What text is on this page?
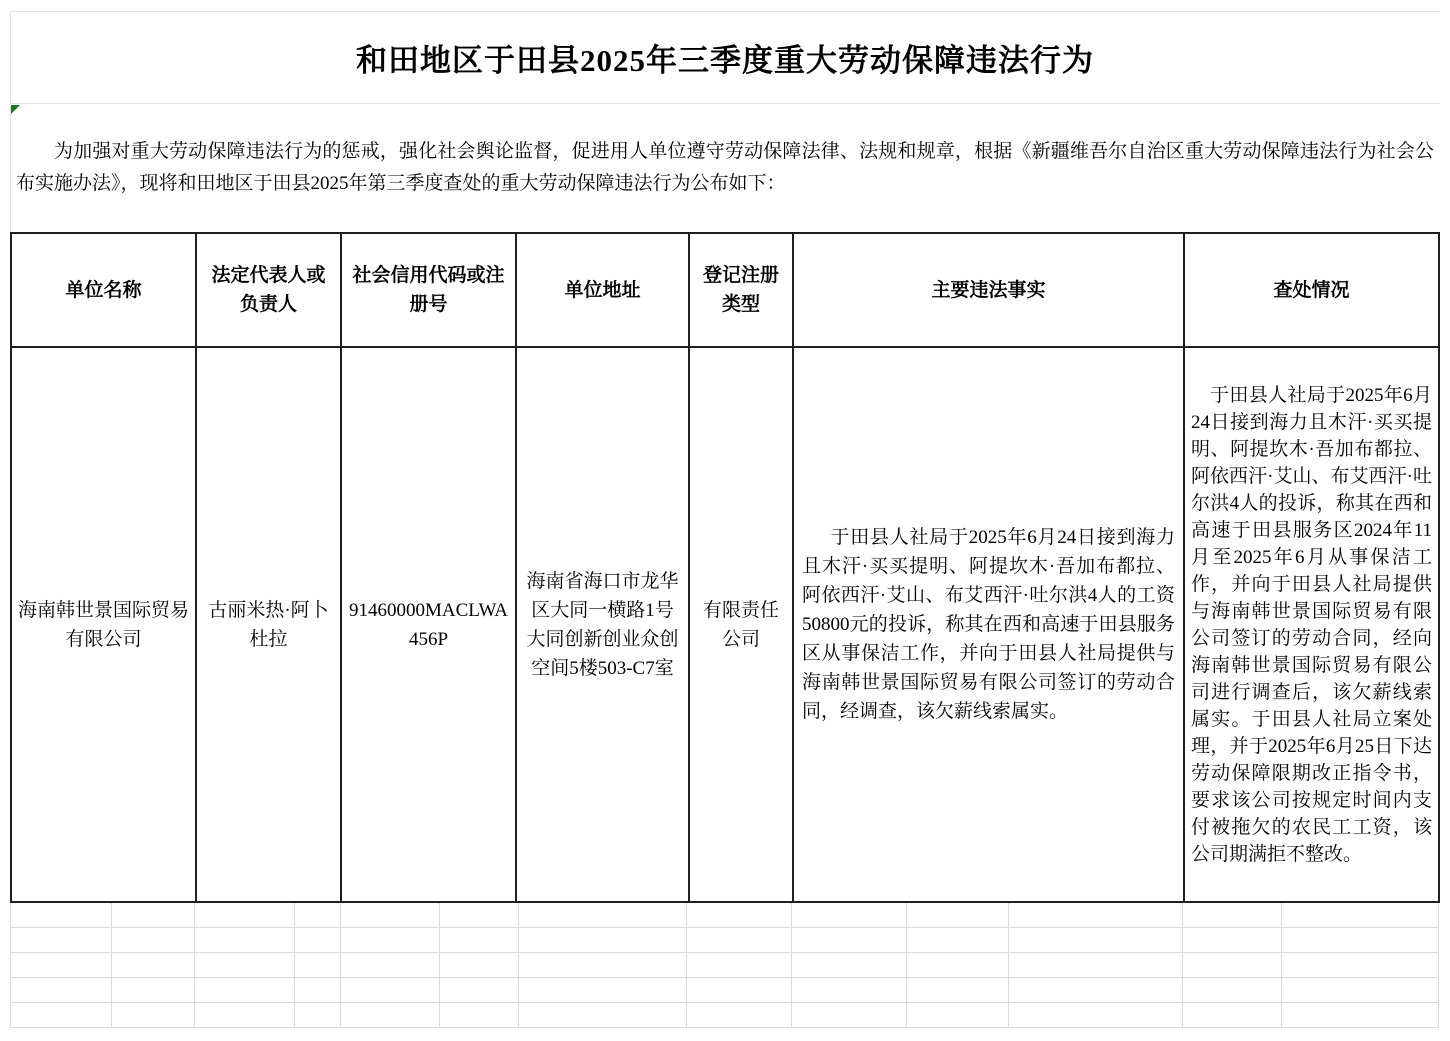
和田地区于田县2025年三季度重大劳动保障违法行为

为加强对重大劳动保障违法行为的惩戒，强化社会舆论监督，促进用人单位遵守劳动保障法律、法规和规章，根据《新疆维吾尔自治区重大劳动保障违法行为社会公布实施办法》，现将和田地区于田县2025年第三季度查处的重大劳动保障违法行为公布如下：

单位名称
法定代表人或负责人
社会信用代码或注册号
单位地址
登记注册类型
主要违法事实	查处情况
海南韩世景国际贸易有限公司
古丽米热·阿卜杜拉
91460000MACLWA456P
海南省海口市龙华区大同一横路1号大同创新创业众创空间5楼503-C7室
有限责任公司
于田县人社局于2025年6月24日接到海力且木汗·买买提明、阿提坎木·吾加布都拉、阿依西汗·艾山、布艾西汗·吐尔洪4人的工资50800元的投诉，称其在西和高速于田县服务区从事保洁工作，并向于田县人社局提供与海南韩世景国际贸易有限公司签订的劳动合同，经调查，该欠薪线索属实。
于田县人社局于2025年6月24日接到海力且木汗·买买提明、阿提坎木·吾加布都拉、阿依西汗·艾山、布艾西汗·吐尔洪4人的投诉，称其在西和高速于田县服务区2024年11月至2025年6月从事保洁工作，并向于田县人社局提供与海南韩世景国际贸易有限公司签订的劳动合同，经向海南韩世景国际贸易有限公司进行调查后，该欠薪线索属实。于田县人社局立案处理，并于2025年6月25日下达劳动保障限期改正指令书，要求该公司按规定时间内支付被拖欠的农民工工资，该公司期满拒不整改。
